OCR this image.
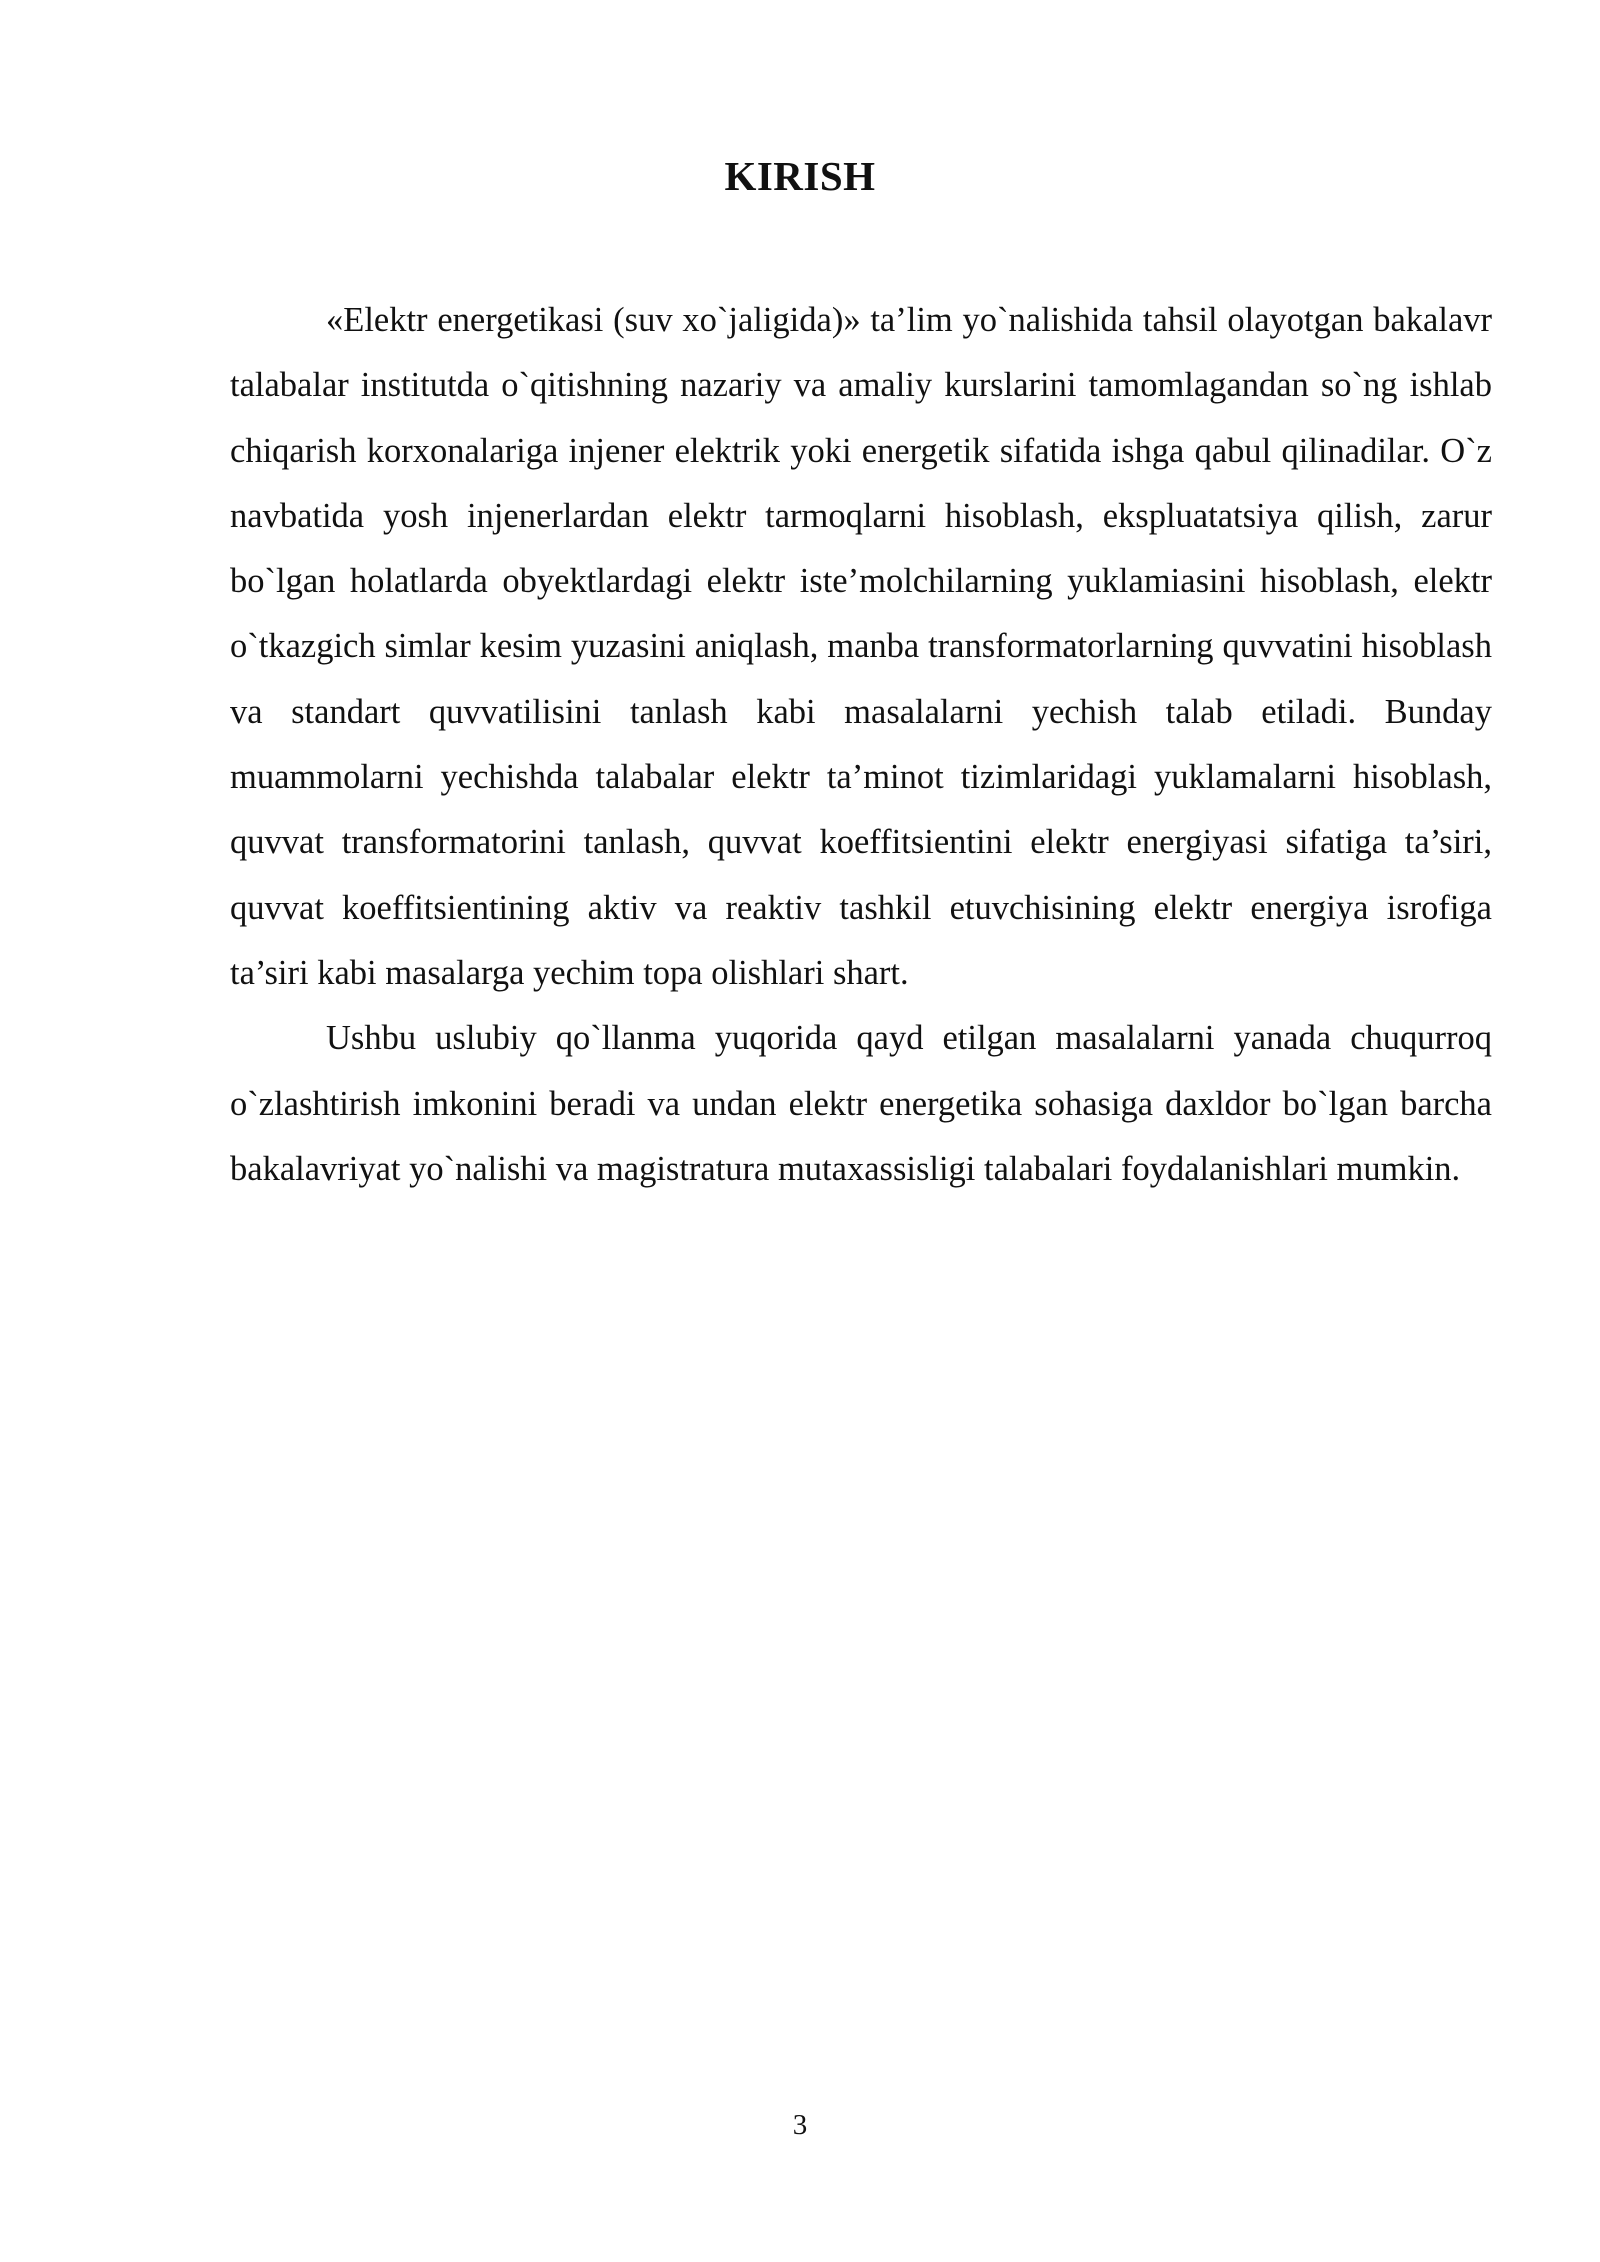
KIRISH

«Elektr energetikasi (suv xo`jaligida)» ta’lim yo`nalishida tahsil olayotgan bakalavr talabalar institutda o`qitishning nazariy va amaliy kurslarini tamomlagandan so`ng ishlab chiqarish korxonalariga injener elektrik yoki energetik sifatida ishga qabul qilinadilar. O`z navbatida yosh injenerlardan elektr tarmoqlarni hisoblash, ekspluatatsiya qilish, zarur bo`lgan holatlarda obyektlardagi elektr iste’molchilarning yuklamiasini hisoblash, elektr o`tkazgich simlar kesim yuzasini aniqlash, manba transformatorlarning quvvatini hisoblash va standart quvvatilisini tanlash kabi masalalarni yechish talab etiladi. Bunday muammolarni yechishda talabalar elektr ta’minot tizimlaridagi yuklamalarni hisoblash, quvvat transformatorini tanlash, quvvat koeffitsientini elektr energiyasi sifatiga ta’siri, quvvat koeffitsientining aktiv va reaktiv tashkil etuvchisining elektr energiya isrofiga ta’siri kabi masalarga yechim topa olishlari shart.

Ushbu uslubiy qo`llanma yuqorida qayd etilgan masalalarni yanada chuqurroq o`zlashtirish imkonini beradi va undan elektr energetika sohasiga daxldor bo`lgan barcha bakalavriyat yo`nalishi va magistratura mutaxassisligi talabalari foydalanishlari mumkin.

3
